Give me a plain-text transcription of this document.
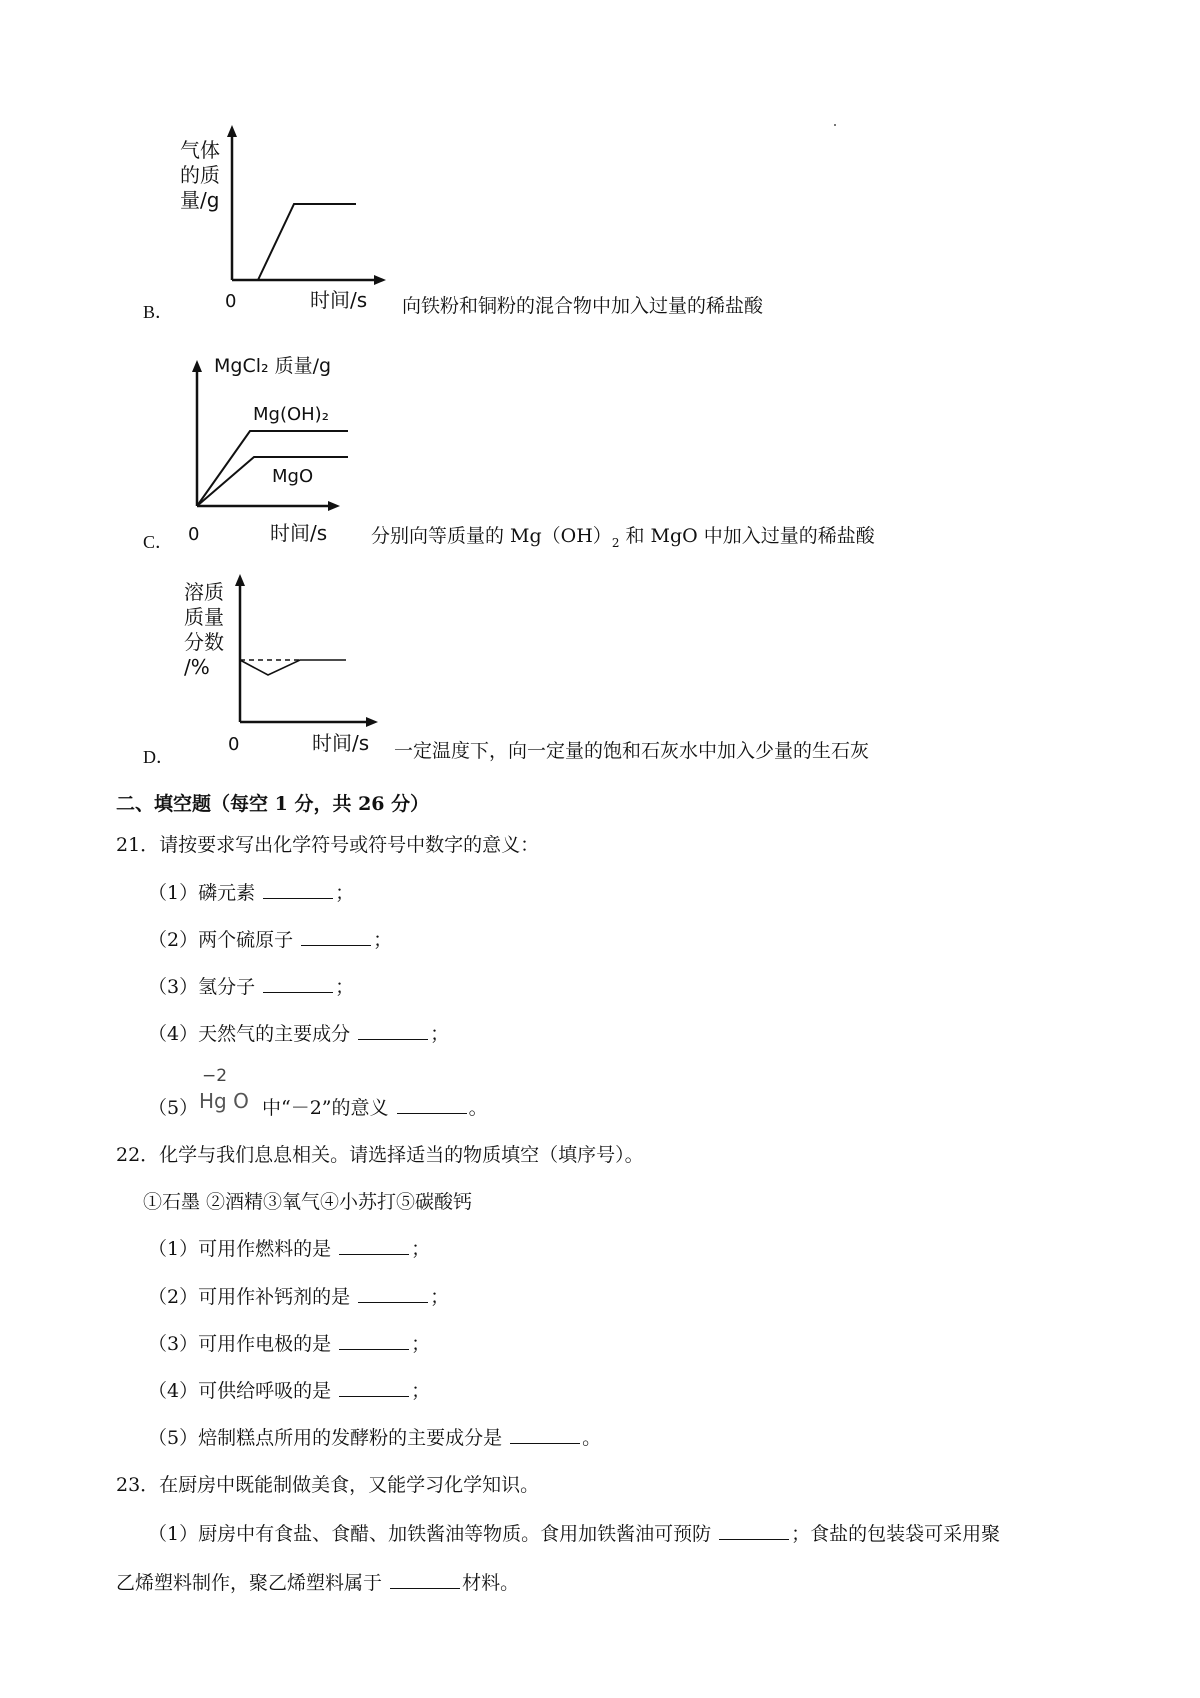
气体
的质
量/g
0	时间/s
B．	向铁粉和铜粉的混合物中加入过量的稀盐酸
MgCl₂ 质量/g
Mg(OH)₂
MgO
0	时间/s
C．	分别向等质量的 $Mg(OH)_2$ 和 MgO 中加入过量的稀盐酸
溶质
质量
分数
/%
0	时间/s
D．	一定温度下，向一定量的饱和石灰水中加入少量的生石灰
二、填空题（每空 1 分，共 26 分）
21．请按要求写出化学符号或符号中数字的意义：
（1）磷元素	；
（2）两个硫原子	；
（3）氢分子	；
（4）天然气的主要成分	；
（5）
−2
Hg O 中“－2”的意义	。
22．化学与我们息息相关。请选择适当的物质填空（填序号）。
①石墨 ②酒精③氧气④小苏打⑤碳酸钙
（1）可用作燃料的是	；
（2）可用作补钙剂的是	；
（3）可用作电极的是	；
（4）可供给呼吸的是	；
（5）焙制糕点所用的发酵粉的主要成分是	。
23．在厨房中既能制做美食，又能学习化学知识。
（1）厨房中有食盐、食醋、加铁酱油等物质。食用加铁酱油可预防	；食盐的包装袋可采用聚
乙烯塑料制作，聚乙烯塑料属于	材料。
